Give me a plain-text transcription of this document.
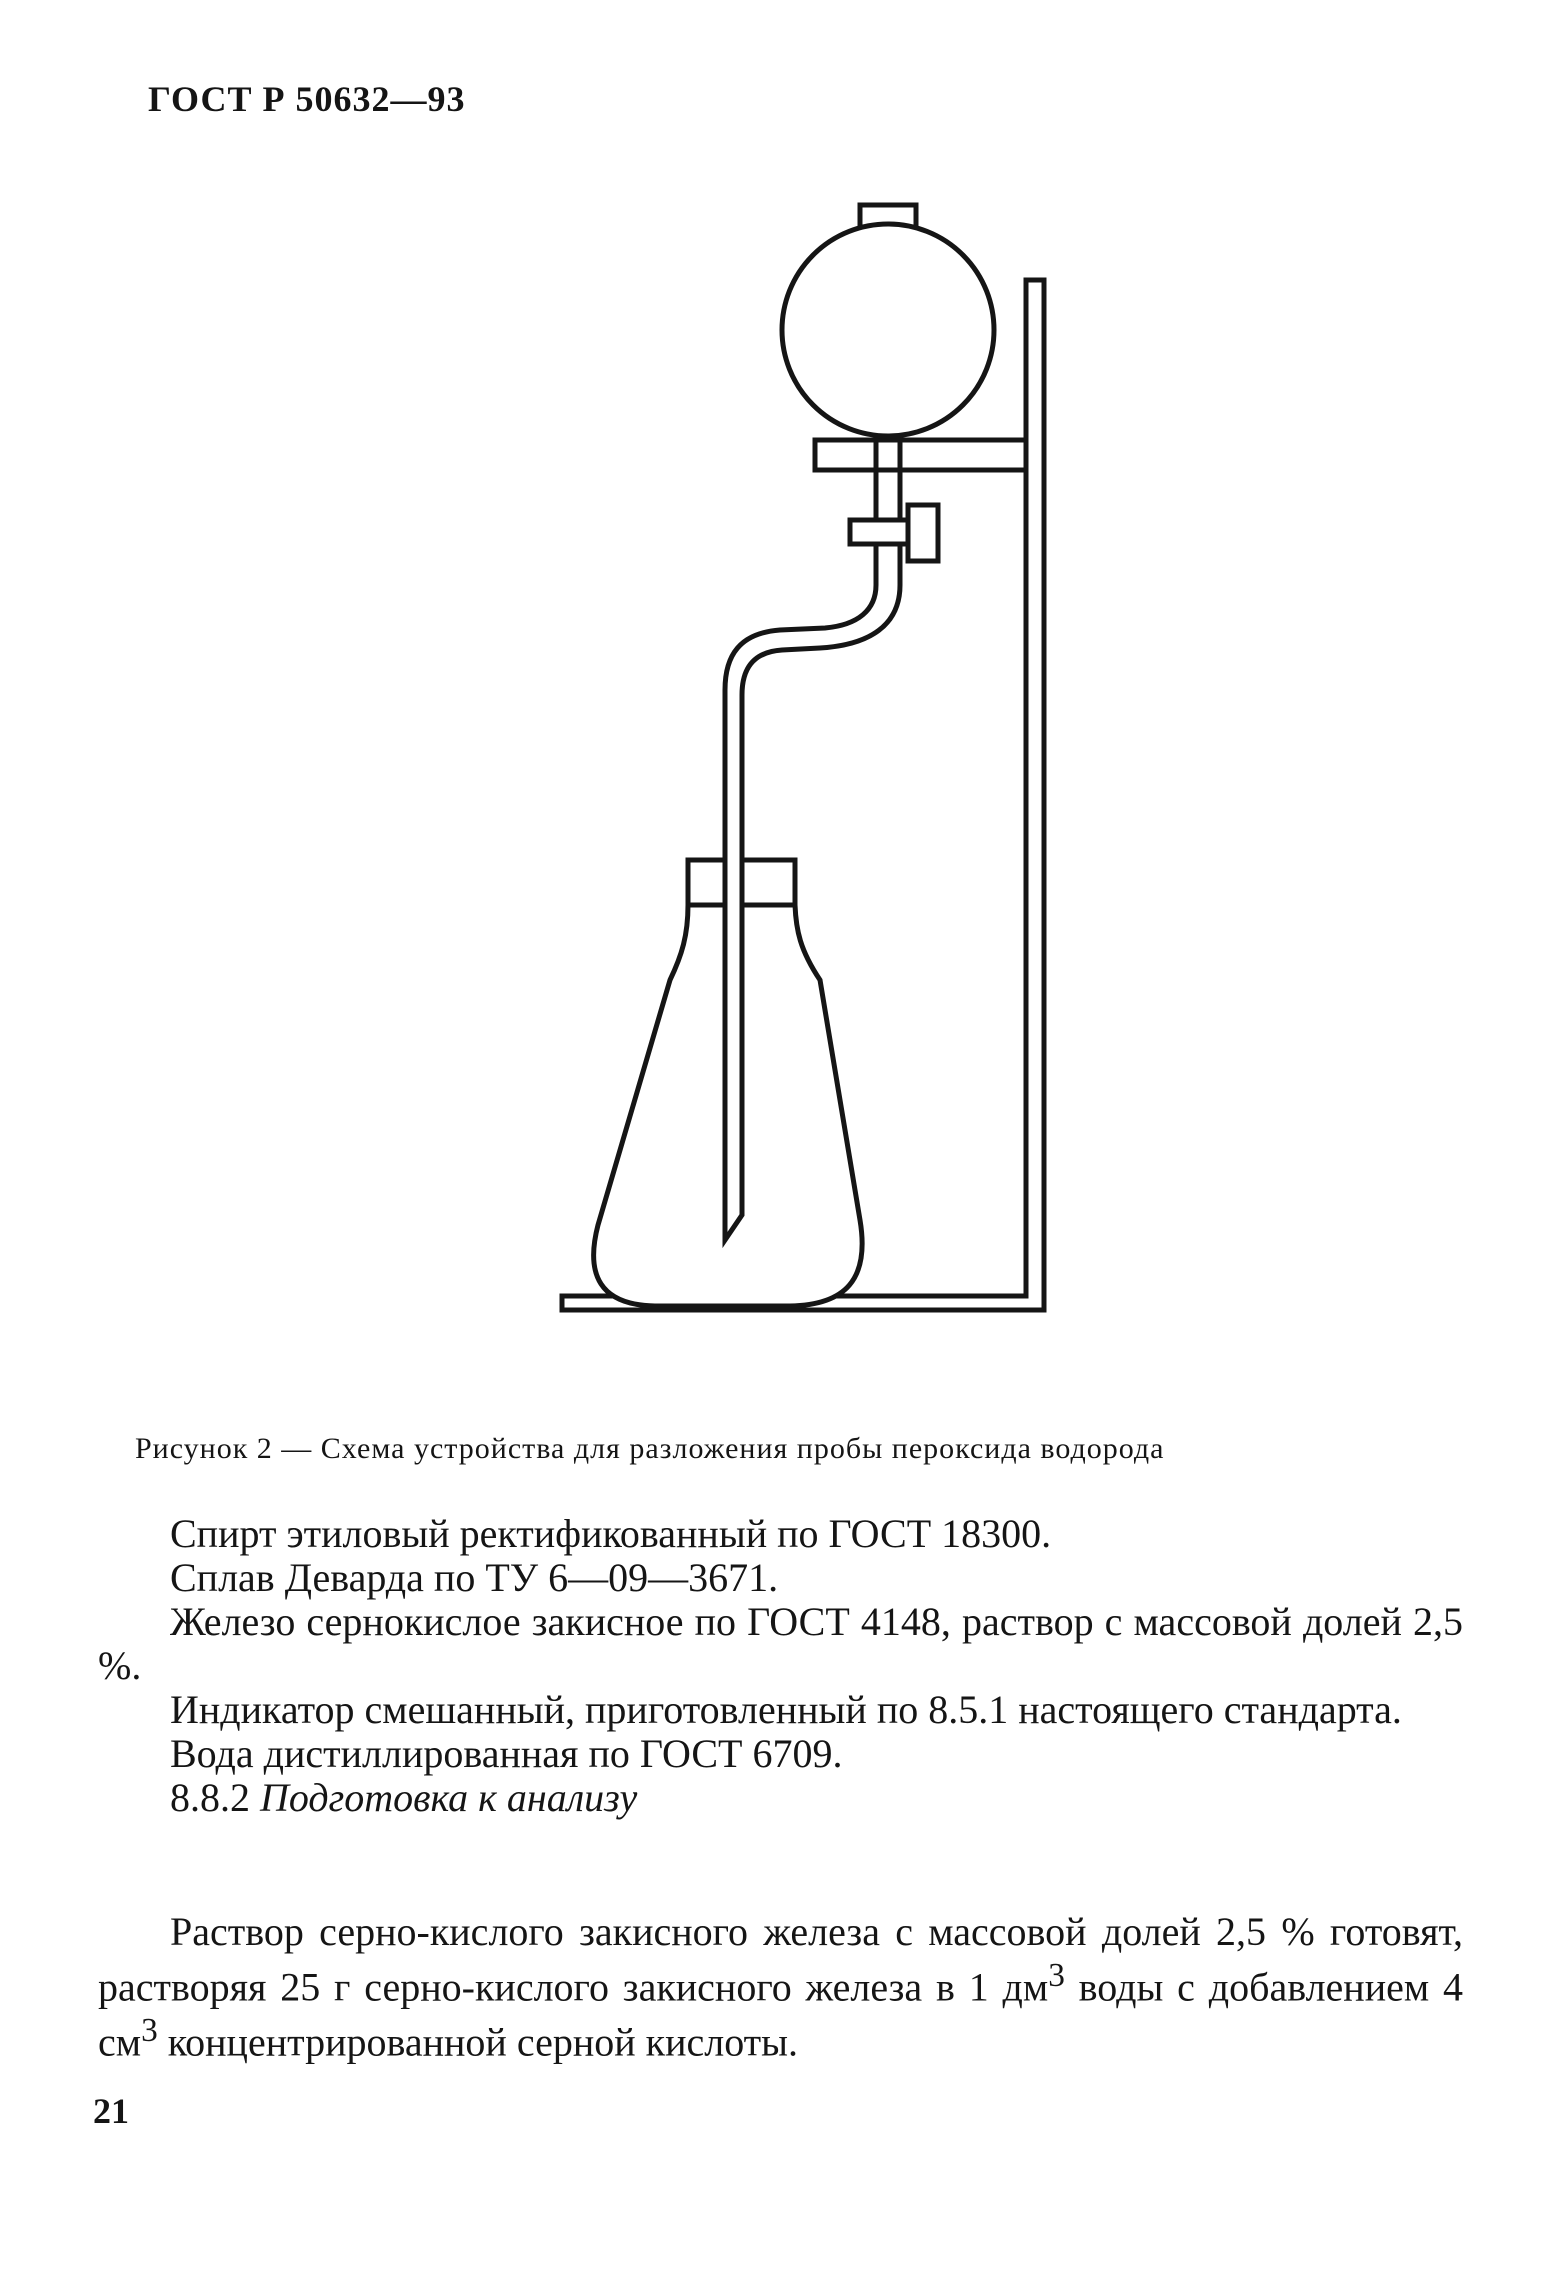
ГОСТ Р 50632—93
Рисунок 2 — Схема устройства для разложения пробы пероксида водорода

Спирт этиловый ректификованный по ГОСТ 18300.

Сплав Деварда по ТУ 6—09—3671.

Железо сернокислое закисное по ГОСТ 4148, раствор с массовой долей 2,5 %.

Индикатор смешанный, приготовленный по 8.5.1 настоящего стандарта.

Вода дистиллированная по ГОСТ 6709.

8.8.2 Подготовка к анализу

Раствор серно-кислого закисного железа с массовой долей 2,5 % готовят, растворяя 25 г серно-кислого закисного железа в 1 $дм^3$ воды с добавлением 4 $см^3$ концентрированной серной кислоты.

21
